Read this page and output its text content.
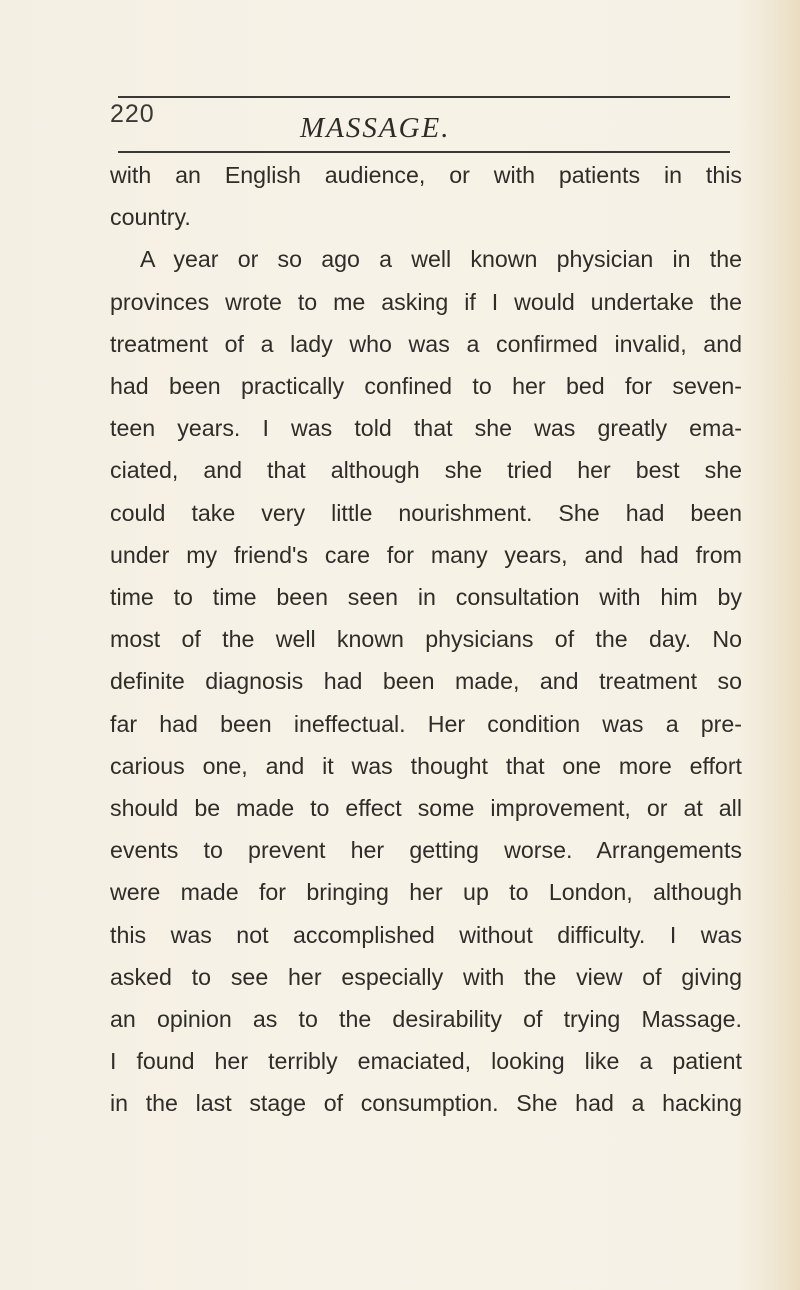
220	MASSAGE.
with an English audience, or with patients in this
country.
A year or so ago a well known physician in the
provinces wrote to me asking if I would undertake the
treatment of a lady who was a confirmed invalid, and
had been practically confined to her bed for seven-
teen years. I was told that she was greatly ema-
ciated, and that although she tried her best she
could take very little nourishment. She had been
under my friend's care for many years, and had from
time to time been seen in consultation with him by
most of the well known physicians of the day. No
definite diagnosis had been made, and treatment so
far had been ineffectual. Her condition was a pre-
carious one, and it was thought that one more effort
should be made to effect some improvement, or at all
events to prevent her getting worse. Arrangements
were made for bringing her up to London, although
this was not accomplished without difficulty. I was
asked to see her especially with the view of giving
an opinion as to the desirability of trying Massage.
I found her terribly emaciated, looking like a patient
in the last stage of consumption. She had a hacking
